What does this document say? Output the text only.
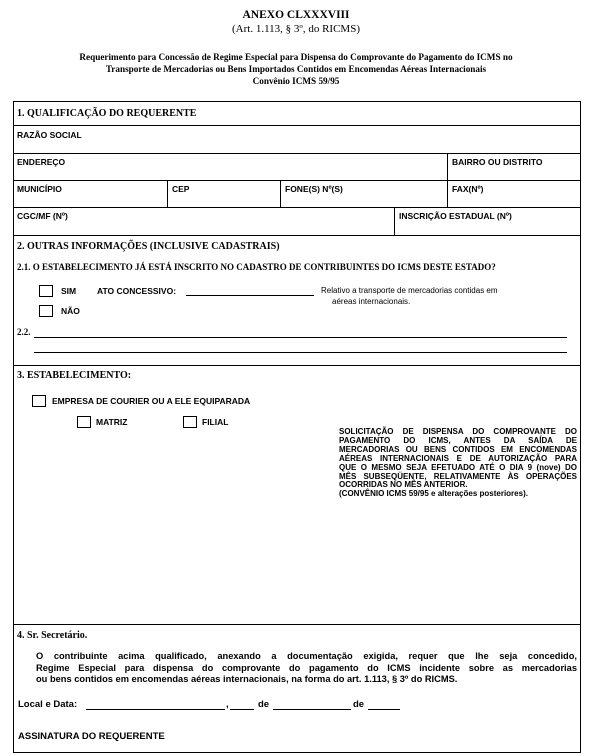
ANEXO CLXXXVIII
(Art. 1.113, § 3º, do RICMS)
Requerimento para Concessão de Regime Especial para Dispensa do Comprovante do Pagamento do ICMS no
Transporte de Mercadorias ou Bens Importados Contidos em Encomendas Aéreas Internacionais
Convênio ICMS 59/95
1. QUALIFICAÇÃO DO REQUERENTE
RAZÃO SOCIAL
ENDEREÇO	BAIRRO OU DISTRITO
MUNICÍPIO	CEP	FONE(S) Nº(S)	FAX(Nº)
CGC/MF (Nº)	INSCRIÇÃO ESTADUAL (Nº)
2. OUTRAS INFORMAÇÕES (INCLUSIVE CADASTRAIS)
2.1. O ESTABELECIMENTO JÁ ESTÁ INSCRITO NO CADASTRO DE CONTRIBUINTES DO ICMS DESTE ESTADO?
SIM ATO CONCESSIVO:	Relativo a transporte de mercadorias contidas em
aéreas internacionais.
NÃO
2.2.
3. ESTABELECIMENTO:
EMPRESA DE COURIER OU A ELE EQUIPARADA
MATRIZ	FILIAL
SOLICITAÇÃO DE DISPENSA DO COMPROVANTE DO
PAGAMENTO DO ICMS, ANTES DA SAÍDA DE
MERCADORIAS OU BENS CONTIDOS EM ENCOMENDAS
AÉREAS INTERNACIONAIS E DE AUTORIZAÇÃO PARA
QUE O MESMO SEJA EFETUADO ATÉ O DIA 9 (nove) DO
MÊS SUBSEQÜENTE, RELATIVAMENTE ÀS OPERAÇÕES
OCORRIDAS NO MÊS ANTERIOR.
(CONVÊNIO ICMS 59/95 e alterações posteriores).
4. Sr. Secretário.
O contribuinte acima qualificado, anexando a documentação exigida, requer que lhe seja concedido,
Regime Especial para dispensa do comprovante do pagamento do ICMS incidente sobre as mercadorias
ou bens contidos em encomendas aéreas internacionais, na forma do art. 1.113, § 3º do RICMS.
Local e Data:	,	de	de
ASSINATURA DO REQUERENTE
